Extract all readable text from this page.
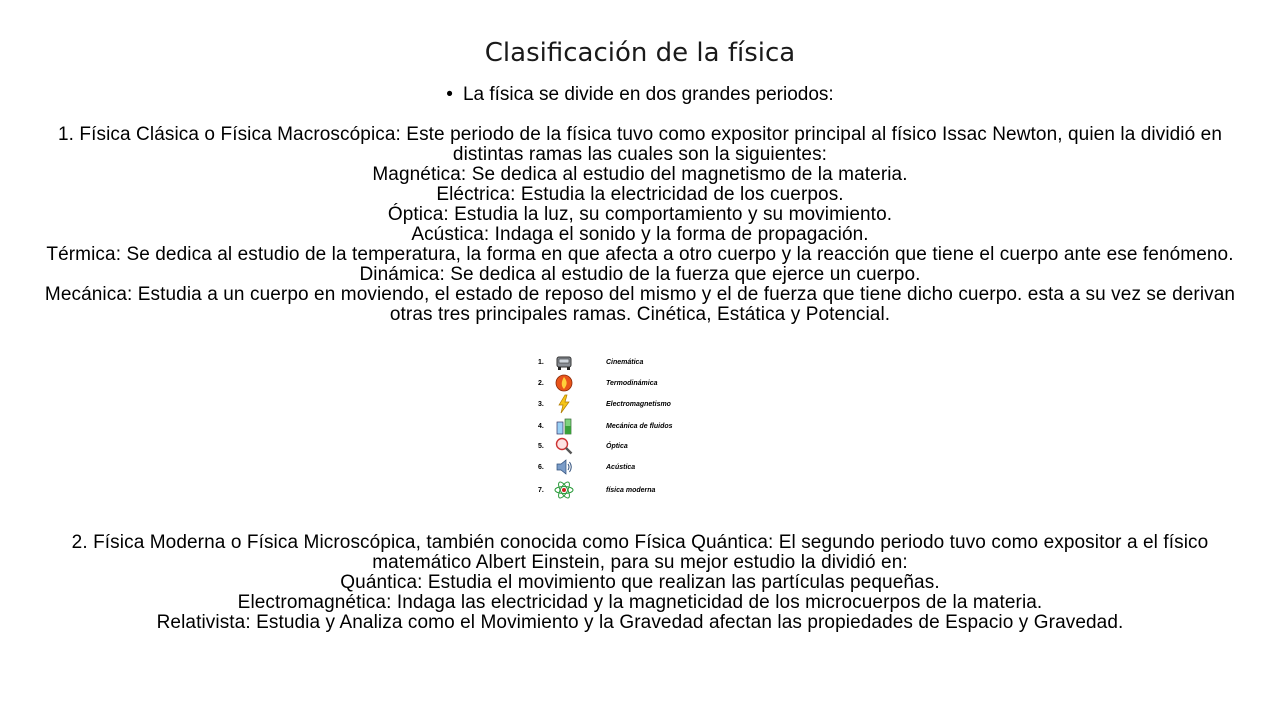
Clasificación de la física
• La física se divide en dos grandes periodos:

1. Física Clásica o Física Macroscópica: Este periodo de la física tuvo como expositor principal al físico Issac Newton, quien la dividió en distintas ramas las cuales son la siguientes:

Magnética: Se dedica al estudio del magnetismo de la materia.

Eléctrica: Estudia la electricidad de los cuerpos.

Óptica: Estudia la luz, su comportamiento y su movimiento.

Acústica: Indaga el sonido y la forma de propagación.

Térmica: Se dedica al estudio de la temperatura, la forma en que afecta a otro cuerpo y la reacción que tiene el cuerpo ante ese fenómeno.

Dinámica: Se dedica al estudio de la fuerza que ejerce un cuerpo.

Mecánica: Estudia a un cuerpo en moviendo, el estado de reposo del mismo y el de fuerza que tiene dicho cuerpo. esta a su vez se derivan otras tres principales ramas. Cinética, Estática y Potencial.

1.	Cinemática
2.	Termodinámica
3.	Electromagnetismo
4.	Mecánica de fluidos
5.	Óptica
6.	Acústica
7.	física moderna

2. Física Moderna o Física Microscópica, también conocida como Física Quántica: El segundo periodo tuvo como expositor a el físico matemático Albert Einstein, para su mejor estudio la dividió en:

Quántica: Estudia el movimiento que realizan las partículas pequeñas.

Electromagnética: Indaga las electricidad y la magneticidad de los microcuerpos de la materia.

Relativista: Estudia y Analiza como el Movimiento y la Gravedad afectan las propiedades de Espacio y Gravedad.
